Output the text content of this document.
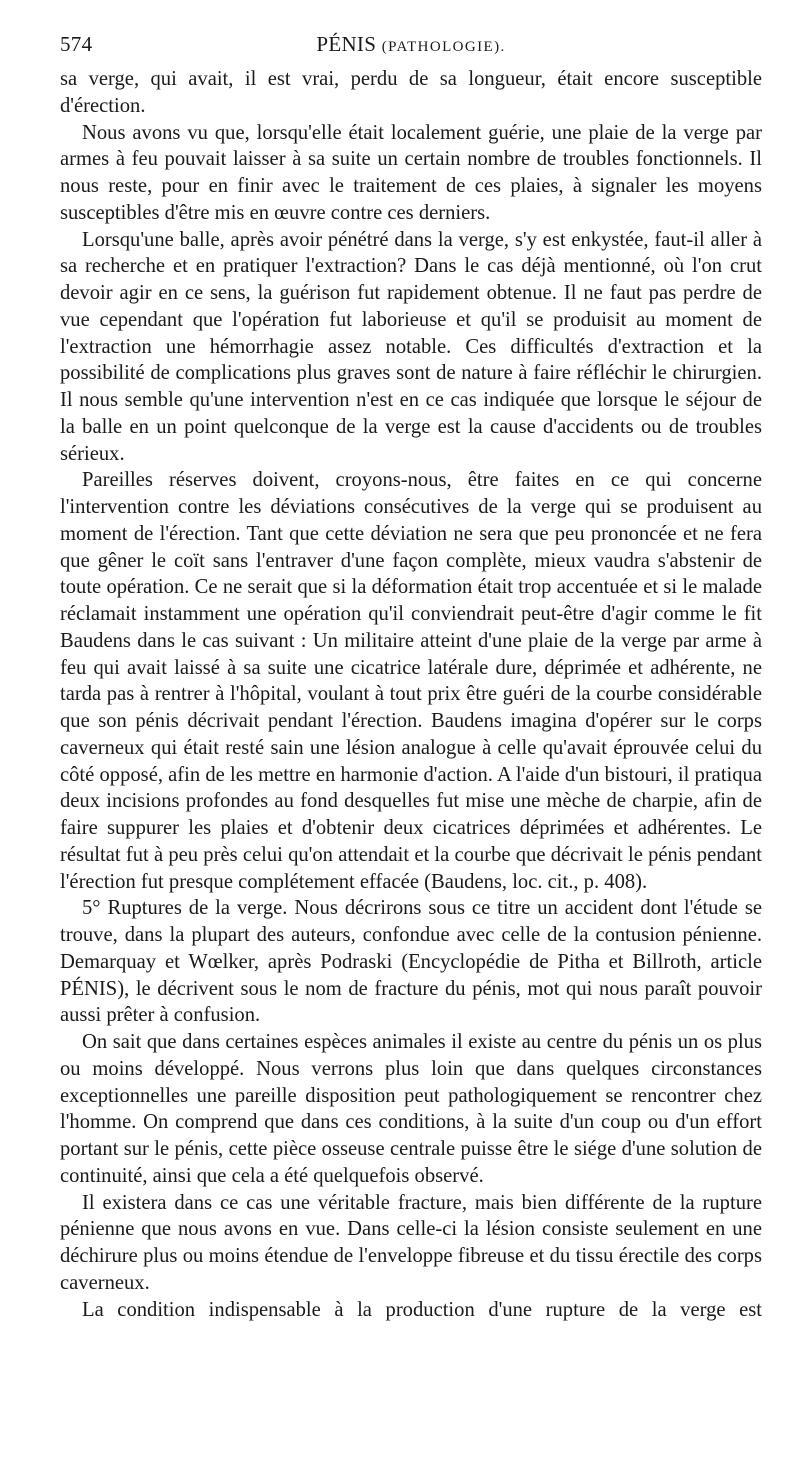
574	PÉNIS (PATHOLOGIE).

sa verge, qui avait, il est vrai, perdu de sa longueur, était encore susceptible d'érection.

Nous avons vu que, lorsqu'elle était localement guérie, une plaie de la verge par armes à feu pouvait laisser à sa suite un certain nombre de troubles fonctionnels. Il nous reste, pour en finir avec le traitement de ces plaies, à signaler les moyens susceptibles d'être mis en œuvre contre ces derniers.

Lorsqu'une balle, après avoir pénétré dans la verge, s'y est enkystée, faut-il aller à sa recherche et en pratiquer l'extraction? Dans le cas déjà mentionné, où l'on crut devoir agir en ce sens, la guérison fut rapidement obtenue. Il ne faut pas perdre de vue cependant que l'opération fut laborieuse et qu'il se produisit au moment de l'extraction une hémorrhagie assez notable. Ces difficultés d'extraction et la possibilité de complications plus graves sont de nature à faire réfléchir le chirurgien. Il nous semble qu'une intervention n'est en ce cas indiquée que lorsque le séjour de la balle en un point quelconque de la verge est la cause d'accidents ou de troubles sérieux.

Pareilles réserves doivent, croyons-nous, être faites en ce qui concerne l'intervention contre les déviations consécutives de la verge qui se produisent au moment de l'érection. Tant que cette déviation ne sera que peu prononcée et ne fera que gêner le coït sans l'entraver d'une façon complète, mieux vaudra s'abstenir de toute opération. Ce ne serait que si la déformation était trop accentuée et si le malade réclamait instamment une opération qu'il conviendrait peut-être d'agir comme le fit Baudens dans le cas suivant : Un militaire atteint d'une plaie de la verge par arme à feu qui avait laissé à sa suite une cicatrice latérale dure, déprimée et adhérente, ne tarda pas à rentrer à l'hôpital, voulant à tout prix être guéri de la courbe considérable que son pénis décrivait pendant l'érection. Baudens imagina d'opérer sur le corps caverneux qui était resté sain une lésion analogue à celle qu'avait éprouvée celui du côté opposé, afin de les mettre en harmonie d'action. A l'aide d'un bistouri, il pratiqua deux incisions profondes au fond desquelles fut mise une mèche de charpie, afin de faire suppurer les plaies et d'obtenir deux cicatrices déprimées et adhérentes. Le résultat fut à peu près celui qu'on attendait et la courbe que décrivait le pénis pendant l'érection fut presque complétement effacée (Baudens, loc. cit., p. 408).

5° Ruptures de la verge. Nous décrirons sous ce titre un accident dont l'étude se trouve, dans la plupart des auteurs, confondue avec celle de la contusion pénienne. Demarquay et Wœlker, après Podraski (Encyclopédie de Pitha et Billroth, article PÉNIS), le décrivent sous le nom de fracture du pénis, mot qui nous paraît pouvoir aussi prêter à confusion.

On sait que dans certaines espèces animales il existe au centre du pénis un os plus ou moins développé. Nous verrons plus loin que dans quelques circonstances exceptionnelles une pareille disposition peut pathologiquement se rencontrer chez l'homme. On comprend que dans ces conditions, à la suite d'un coup ou d'un effort portant sur le pénis, cette pièce osseuse centrale puisse être le siége d'une solution de continuité, ainsi que cela a été quelquefois observé.

Il existera dans ce cas une véritable fracture, mais bien différente de la rupture pénienne que nous avons en vue. Dans celle-ci la lésion consiste seulement en une déchirure plus ou moins étendue de l'enveloppe fibreuse et du tissu érectile des corps caverneux.

La condition indispensable à la production d'une rupture de la verge est
